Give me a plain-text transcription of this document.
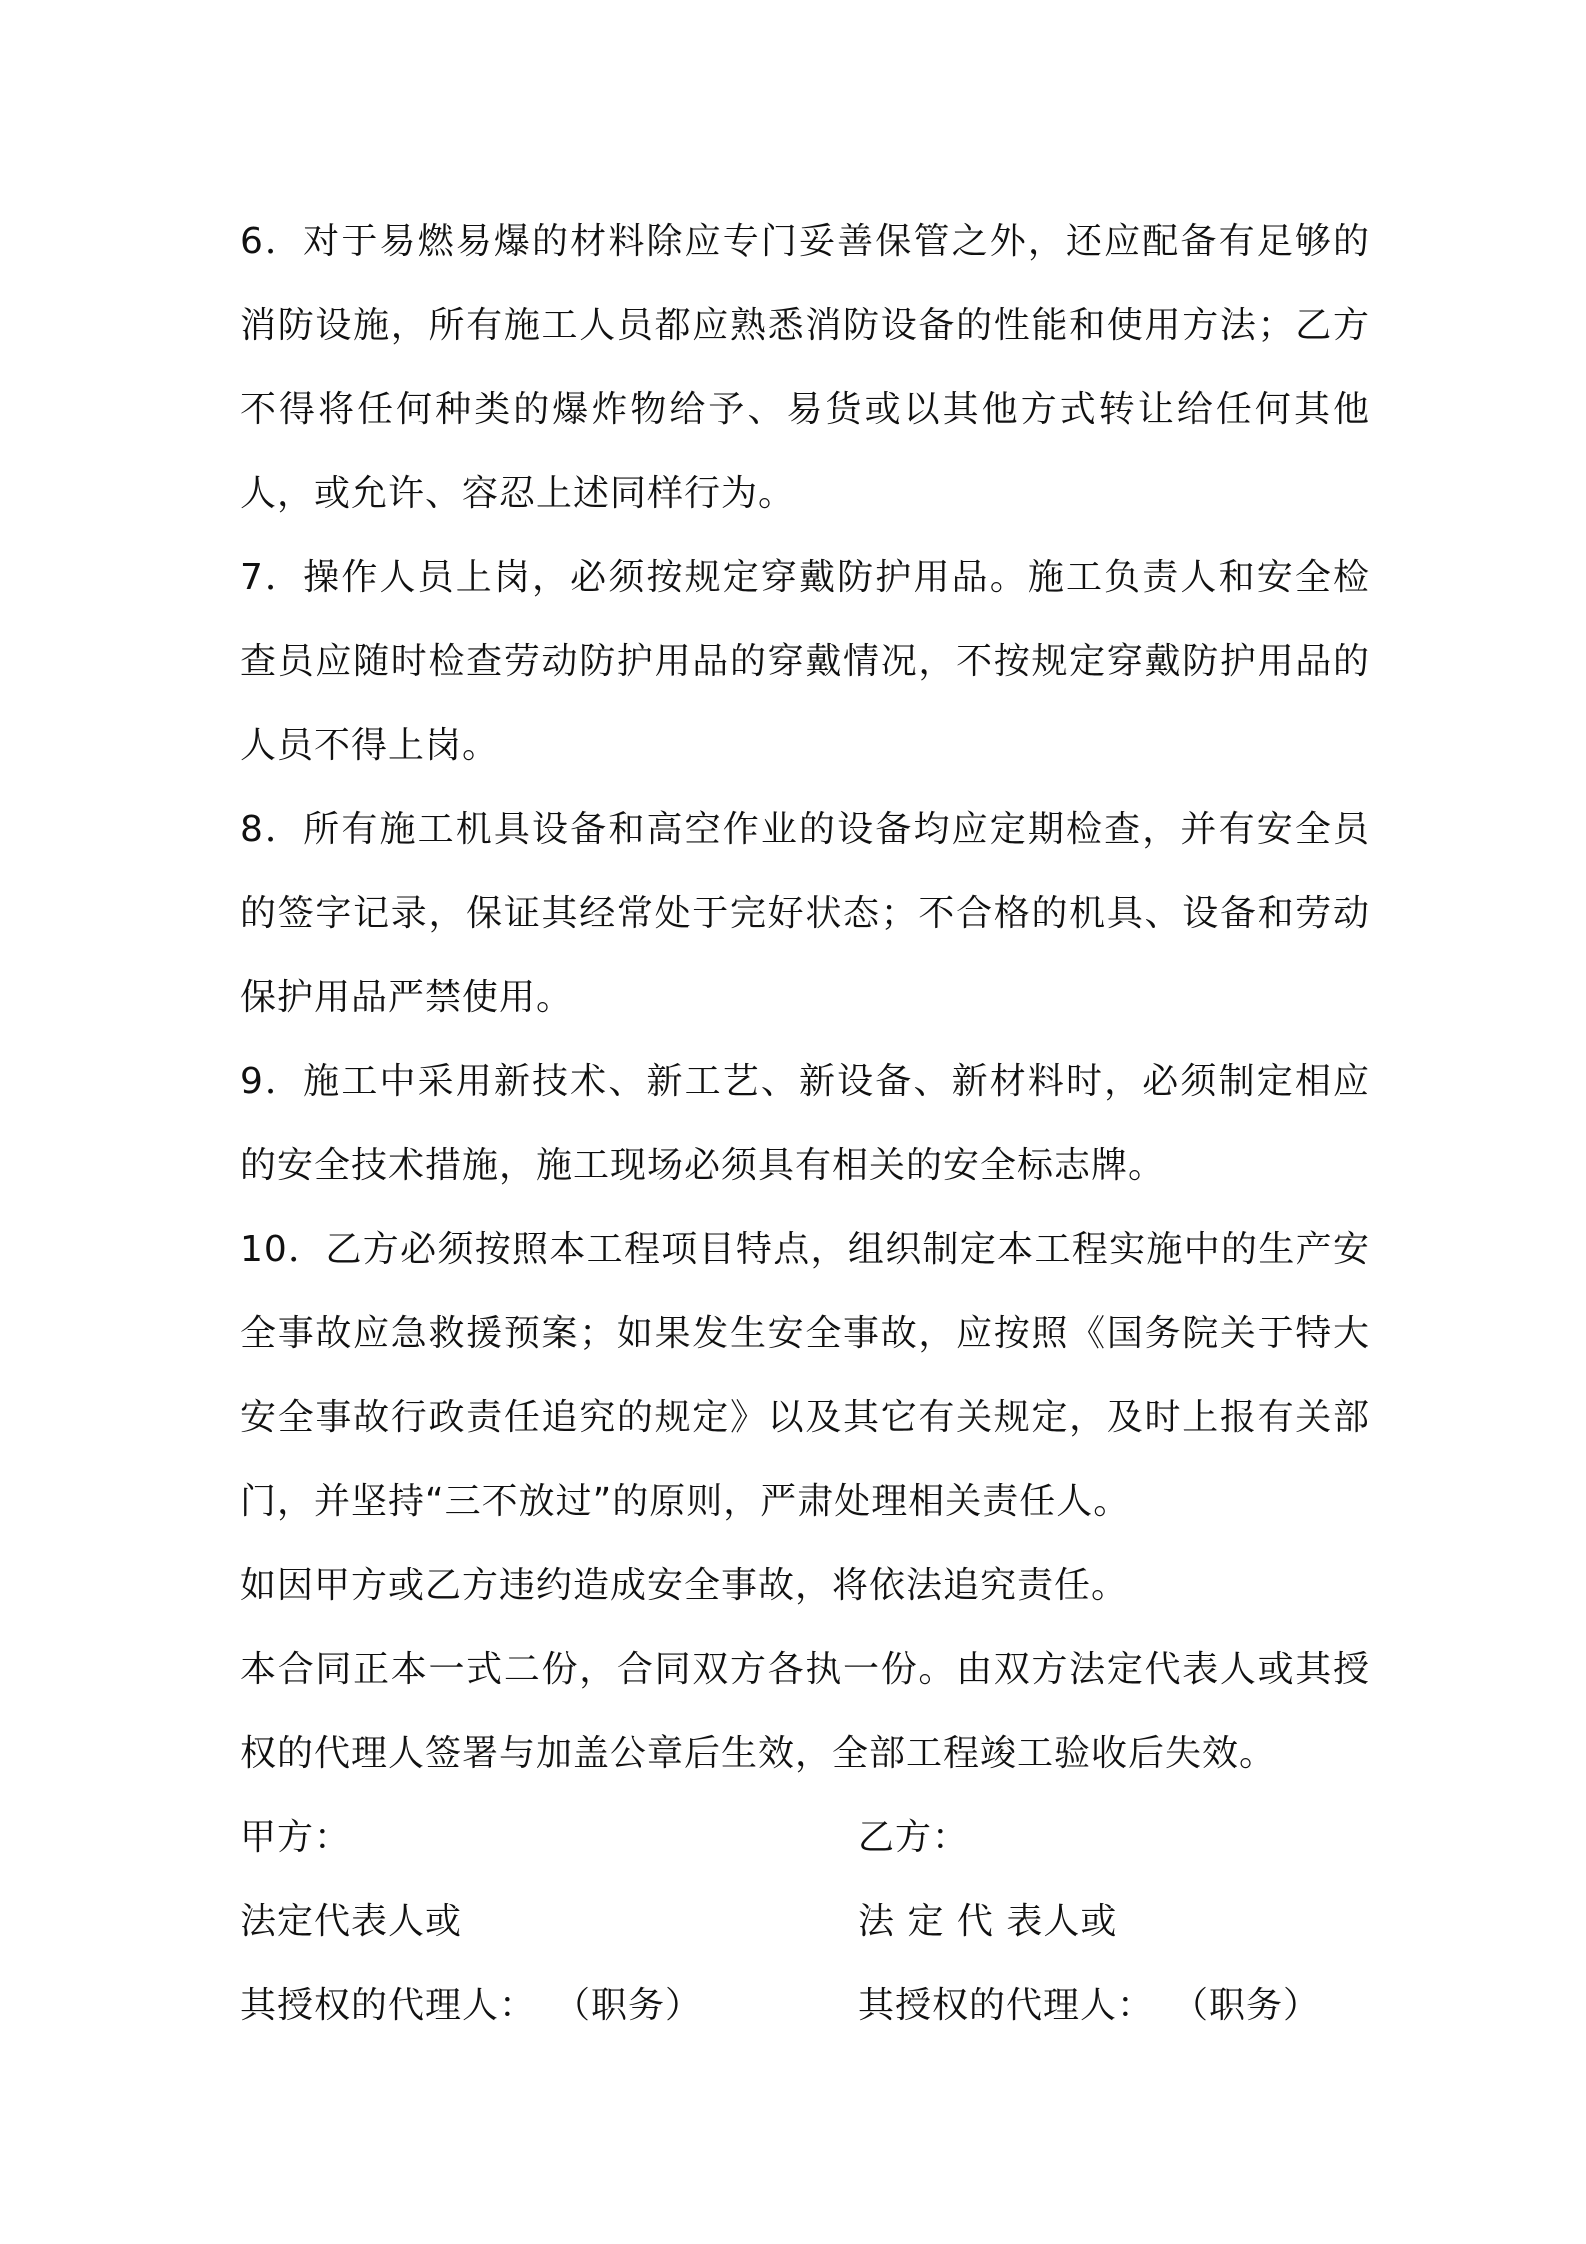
6．对于易燃易爆的材料除应专门妥善保管之外，还应配备有足够的消防设施，所有施工人员都应熟悉消防设备的性能和使用方法；乙方不得将任何种类的爆炸物给予、易货或以其他方式转让给任何其他人，或允许、容忍上述同样行为。

7．操作人员上岗，必须按规定穿戴防护用品。施工负责人和安全检查员应随时检查劳动防护用品的穿戴情况，不按规定穿戴防护用品的人员不得上岗。

8．所有施工机具设备和高空作业的设备均应定期检查，并有安全员的签字记录，保证其经常处于完好状态；不合格的机具、设备和劳动保护用品严禁使用。

9．施工中采用新技术、新工艺、新设备、新材料时，必须制定相应的安全技术措施，施工现场必须具有相关的安全标志牌。

10．乙方必须按照本工程项目特点，组织制定本工程实施中的生产安全事故应急救援预案；如果发生安全事故，应按照《国务院关于特大安全事故行政责任追究的规定》以及其它有关规定，及时上报有关部门，并坚持“三不放过”的原则，严肃处理相关责任人。

如因甲方或乙方违约造成安全事故，将依法追究责任。

本合同正本一式二份，合同双方各执一份。由双方法定代表人或其授权的代理人签署与加盖公章后生效，全部工程竣工验收后失效。

甲方：	乙方：
法定代表人或	法 定 代 表人或
其授权的代理人： （职务）	其授权的代理人： （职务）
